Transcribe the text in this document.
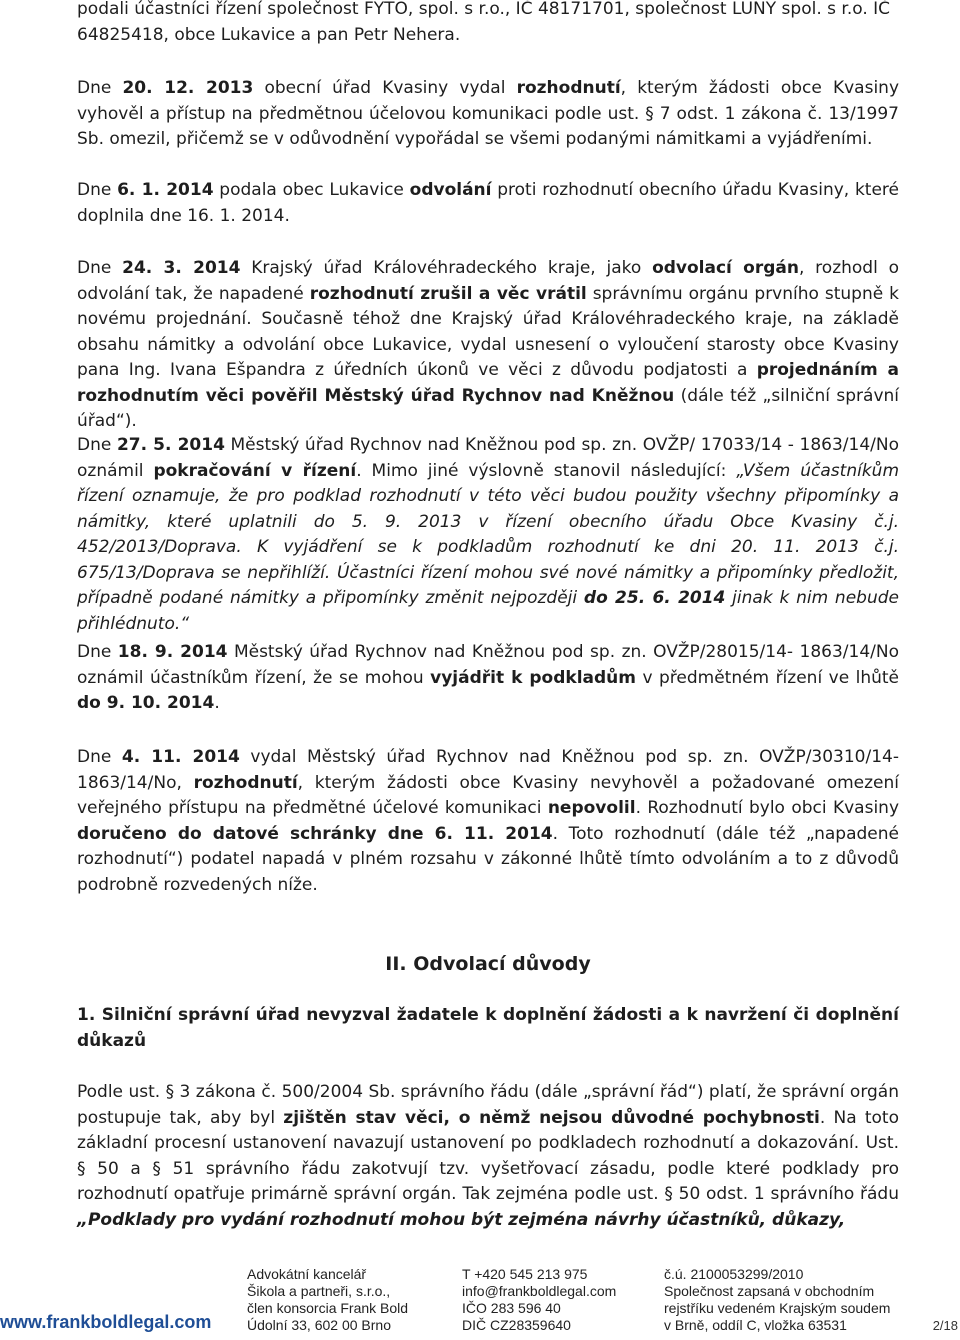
podali účastníci řízení společnost FYTO, spol. s r.o., IČ 48171701, společnost LUNY spol. s r.o. IČ
64825418, obce Lukavice a pan Petr Nehera.

Dne 20. 12. 2013 obecní úřad Kvasiny vydal rozhodnutí, kterým žádosti obce Kvasiny vyhověl a přístup na předmětnou účelovou komunikaci podle ust. § 7 odst. 1 zákona č. 13/1997 Sb. omezil, přičemž se v odůvodnění vypořádal se všemi podanými námitkami a vyjádřeními.

Dne 6. 1. 2014 podala obec Lukavice odvolání proti rozhodnutí obecního úřadu Kvasiny, které doplnila dne 16. 1. 2014.

Dne 24. 3. 2014 Krajský úřad Královéhradeckého kraje, jako odvolací orgán, rozhodl o odvolání tak, že napadené rozhodnutí zrušil a věc vrátil správnímu orgánu prvního stupně k novému projednání. Současně téhož dne Krajský úřad Královéhradeckého kraje, na základě obsahu námitky a odvolání obce Lukavice, vydal usnesení o vyloučení starosty obce Kvasiny pana Ing. Ivana Ešpandra z úředních úkonů ve věci z důvodu podjatosti a projednáním a rozhodnutím věci pověřil Městský úřad Rychnov nad Kněžnou (dále též „silniční správní úřad“).

Dne 27. 5. 2014 Městský úřad Rychnov nad Kněžnou pod sp. zn. OVŽP/ 17033/14 - 1863/14/No oznámil pokračování v řízení. Mimo jiné výslovně stanovil následující: „Všem účastníkům řízení oznamuje, že pro podklad rozhodnutí v této věci budou použity všechny připomínky a námitky, které uplatnili do 5. 9. 2013 v řízení obecního úřadu Obce Kvasiny č.j. 452/2013/Doprava. K vyjádření se k podkladům rozhodnutí ke dni 20. 11. 2013 č.j. 675/13/Doprava se nepřihlíží. Účastníci řízení mohou své nové námitky a připomínky předložit, případně podané námitky a připomínky změnit nejpozději do 25. 6. 2014 jinak k nim nebude přihlédnuto.“

Dne 18. 9. 2014 Městský úřad Rychnov nad Kněžnou pod sp. zn. OVŽP/28015/14- 1863/14/No oznámil účastníkům řízení, že se mohou vyjádřit k podkladům v předmětném řízení ve lhůtě do 9. 10. 2014.

Dne 4. 11. 2014 vydal Městský úřad Rychnov nad Kněžnou pod sp. zn. OVŽP/30310/14- 1863/14/No, rozhodnutí, kterým žádosti obce Kvasiny nevyhověl a požadované omezení veřejného přístupu na předmětné účelové komunikaci nepovolil. Rozhodnutí bylo obci Kvasiny doručeno do datové schránky dne 6. 11. 2014. Toto rozhodnutí (dále též „napadené rozhodnutí“) podatel napadá v plném rozsahu v zákonné lhůtě tímto odvoláním a to z důvodů podrobně rozvedených níže.

II. Odvolací důvody
1. Silniční správní úřad nevyzval žadatele k doplnění žádosti a k navržení či doplnění důkazů

Podle ust. § 3 zákona č. 500/2004 Sb. správního řádu (dále „správní řád“) platí, že správní orgán postupuje tak, aby byl zjištěn stav věci, o němž nejsou důvodné pochybnosti. Na toto základní procesní ustanovení navazují ustanovení po podkladech rozhodnutí a dokazování. Ust. § 50 a § 51 správního řádu zakotvují tzv. vyšetřovací zásadu, podle které podklady pro rozhodnutí opatřuje primárně správní orgán. Tak zejména podle ust. § 50 odst. 1 správního řádu „Podklady pro vydání rozhodnutí mohou být zejména návrhy účastníků, důkazy,

www.frankboldlegal.com
Advokátní kancelář
Šikola a partneři, s.r.o.,
člen konsorcia Frank Bold
Údolní 33, 602 00 Brno
T +420 545 213 975
info@frankboldlegal.com
IČO 283 596 40
DIČ CZ28359640
č.ú. 2100053299/2010
Společnost zapsaná v obchodním
rejstříku vedeném Krajským soudem
v Brně, oddíl C, vložka 63531	2/18
